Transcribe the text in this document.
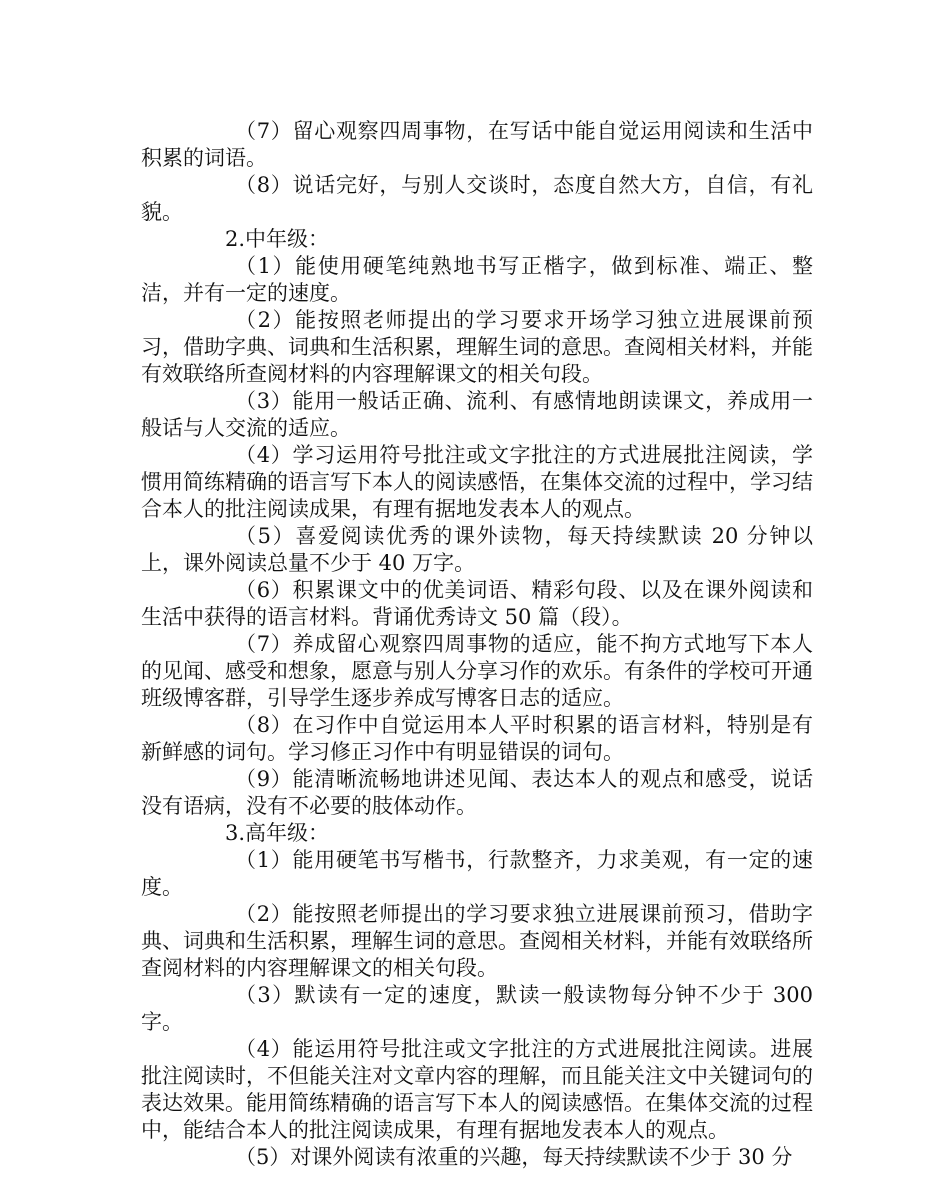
（7）留心观察四周事物，在写话中能自觉运用阅读和生活中积累的词语。

（8）说话完好，与别人交谈时，态度自然大方，自信，有礼貌。

2.中年级：

（1）能使用硬笔纯熟地书写正楷字，做到标准、端正、整洁，并有一定的速度。

（2）能按照老师提出的学习要求开场学习独立进展课前预习，借助字典、词典和生活积累，理解生词的意思。查阅相关材料，并能有效联络所查阅材料的内容理解课文的相关句段。

（3）能用一般话正确、流利、有感情地朗读课文，养成用一般话与人交流的适应。

（4）学习运用符号批注或文字批注的方式进展批注阅读，学惯用简练精确的语言写下本人的阅读感悟，在集体交流的过程中，学习结合本人的批注阅读成果，有理有据地发表本人的观点。

（5）喜爱阅读优秀的课外读物，每天持续默读 20 分钟以上，课外阅读总量不少于 40 万字。

（6）积累课文中的优美词语、精彩句段、以及在课外阅读和生活中获得的语言材料。背诵优秀诗文 50 篇（段）。

（7）养成留心观察四周事物的适应，能不拘方式地写下本人的见闻、感受和想象，愿意与别人分享习作的欢乐。有条件的学校可开通班级博客群，引导学生逐步养成写博客日志的适应。

（8）在习作中自觉运用本人平时积累的语言材料，特别是有新鲜感的词句。学习修正习作中有明显错误的词句。

（9）能清晰流畅地讲述见闻、表达本人的观点和感受，说话没有语病，没有不必要的肢体动作。

3.高年级：

（1）能用硬笔书写楷书，行款整齐，力求美观，有一定的速度。

（2）能按照老师提出的学习要求独立进展课前预习，借助字典、词典和生活积累，理解生词的意思。查阅相关材料，并能有效联络所查阅材料的内容理解课文的相关句段。

（3）默读有一定的速度，默读一般读物每分钟不少于 300 字。

（4）能运用符号批注或文字批注的方式进展批注阅读。进展批注阅读时，不但能关注对文章内容的理解，而且能关注文中关键词句的表达效果。能用简练精确的语言写下本人的阅读感悟。在集体交流的过程中，能结合本人的批注阅读成果，有理有据地发表本人的观点。

（5）对课外阅读有浓重的兴趣，每天持续默读不少于 30 分
